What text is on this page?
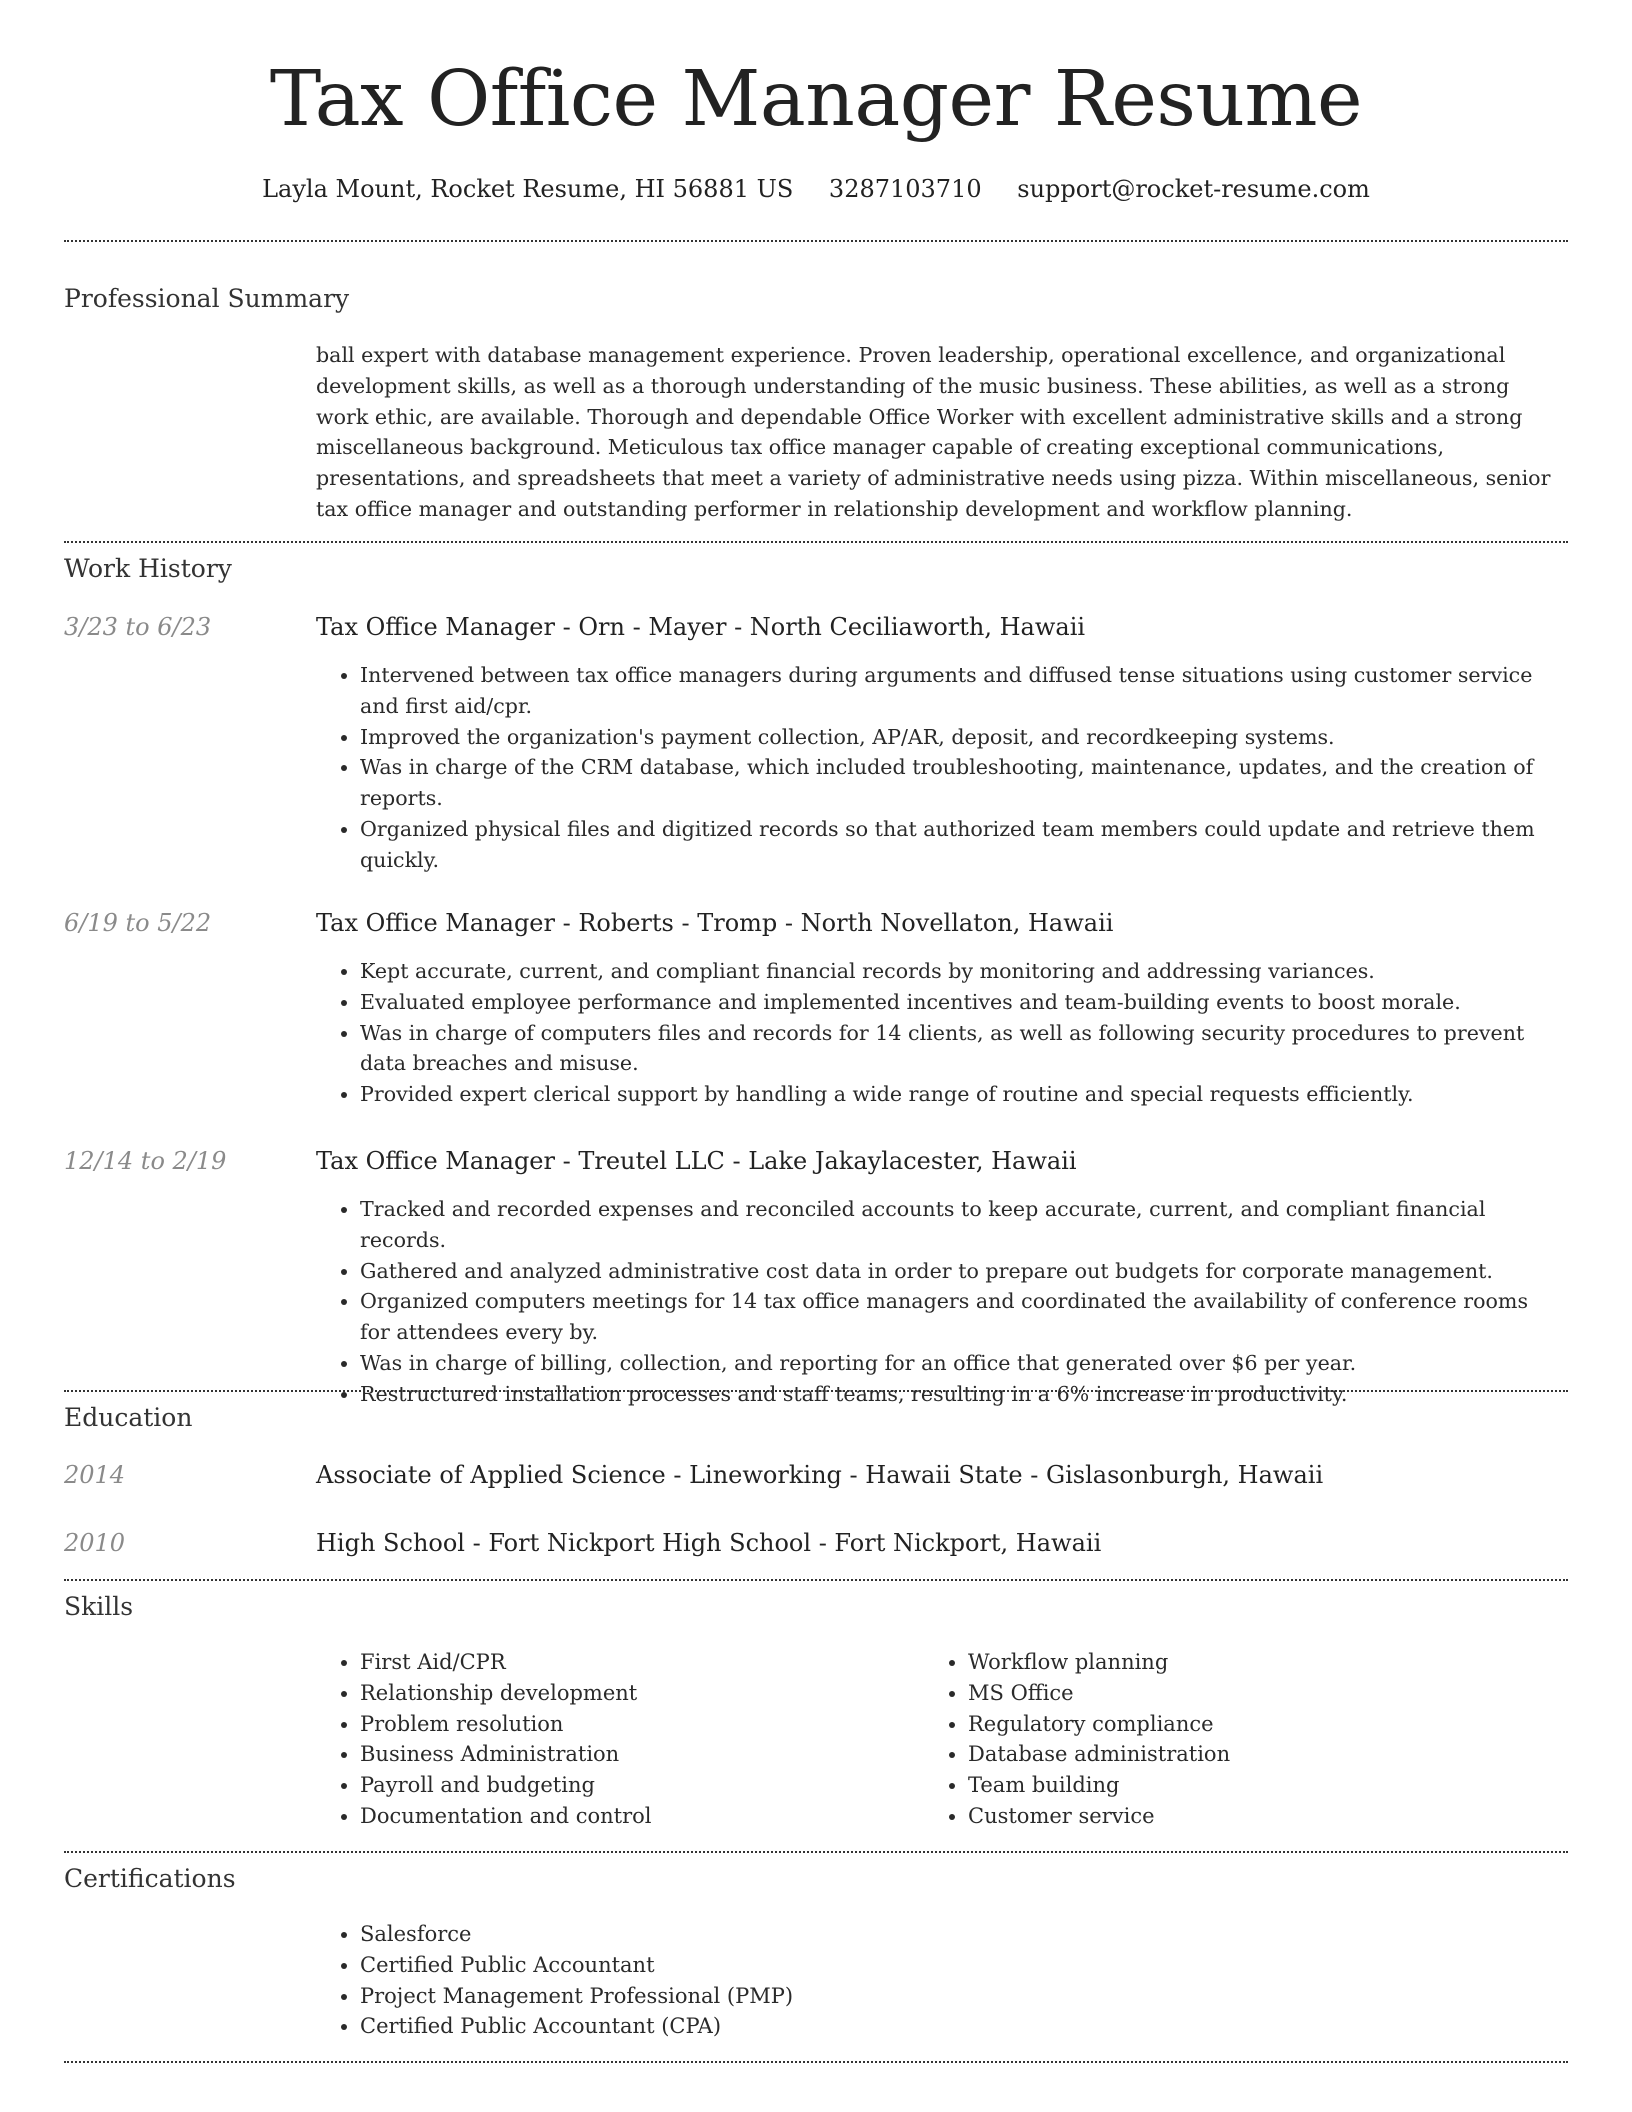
Tax Office Manager Resume
Layla Mount, Rocket Resume, HI 56881 US 3287103710 support@rocket-resume.com
Professional Summary
ball expert with database management experience. Proven leadership, operational excellence, and organizational development skills, as well as a thorough understanding of the music business. These abilities, as well as a strong work ethic, are available. Thorough and dependable Office Worker with excellent administrative skills and a strong miscellaneous background. Meticulous tax office manager capable of creating exceptional communications, presentations, and spreadsheets that meet a variety of administrative needs using pizza. Within miscellaneous, senior tax office manager and outstanding performer in relationship development and workflow planning.
Work History
3/23 to 6/23	Tax Office Manager - Orn - Mayer - North Ceciliaworth, Hawaii
• Intervened between tax office managers during arguments and diffused tense situations using customer service and first aid/cpr.
• Improved the organization's payment collection, AP/AR, deposit, and recordkeeping systems.
• Was in charge of the CRM database, which included troubleshooting, maintenance, updates, and the creation of reports.
• Organized physical files and digitized records so that authorized team members could update and retrieve them quickly.
6/19 to 5/22	Tax Office Manager - Roberts - Tromp - North Novellaton, Hawaii
• Kept accurate, current, and compliant financial records by monitoring and addressing variances.
• Evaluated employee performance and implemented incentives and team-building events to boost morale.
• Was in charge of computers files and records for 14 clients, as well as following security procedures to prevent data breaches and misuse.
• Provided expert clerical support by handling a wide range of routine and special requests efficiently.
12/14 to 2/19	Tax Office Manager - Treutel LLC - Lake Jakaylacester, Hawaii
• Tracked and recorded expenses and reconciled accounts to keep accurate, current, and compliant financial records.
• Gathered and analyzed administrative cost data in order to prepare out budgets for corporate management.
• Organized computers meetings for 14 tax office managers and coordinated the availability of conference rooms for attendees every by.
• Was in charge of billing, collection, and reporting for an office that generated over $6 per year.
• Restructured installation processes and staff teams, resulting in a 6% increase in productivity.
Education
2014	Associate of Applied Science - Lineworking - Hawaii State - Gislasonburgh, Hawaii
2010	High School - Fort Nickport High School - Fort Nickport, Hawaii
Skills
• First Aid/CPR
• Relationship development
• Problem resolution
• Business Administration
• Payroll and budgeting
• Documentation and control
• Workflow planning
• MS Office
• Regulatory compliance
• Database administration
• Team building
• Customer service
Certifications
• Salesforce
• Certified Public Accountant
• Project Management Professional (PMP)
• Certified Public Accountant (CPA)
